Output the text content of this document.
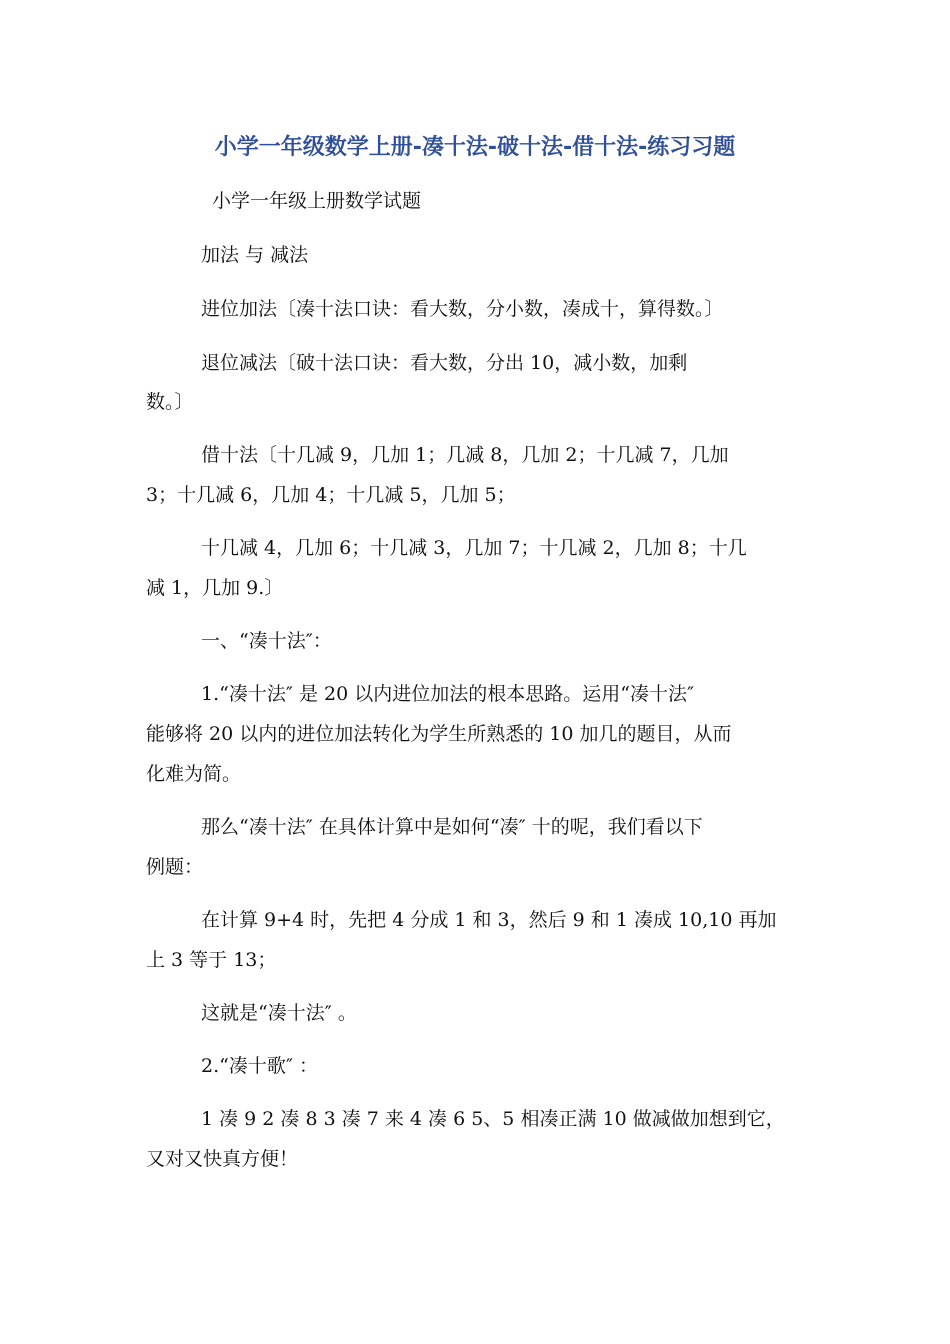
小学一年级数学上册-凑十法-破十法-借十法-练习习题

小学一年级上册数学试题

加法 与 减法

进位加法〔凑十法口诀：看大数，分小数，凑成十，算得数。〕

退位减法〔破十法口诀：看大数，分出 10，减小数，加剩

数。〕

借十法〔十几减 9，几加 1；几减 8，几加 2；十几减 7，几加

3；十几减 6，几加 4；十几减 5，几加 5；

十几减 4，几加 6；十几减 3，几加 7；十几减 2，几加 8；十几

减 1，几加 9.〕

一、“凑十法″：

1.“凑十法″ 是 20 以内进位加法的根本思路。运用“凑十法″

能够将 20 以内的进位加法转化为学生所熟悉的 10 加几的题目，从而

化难为简。

那么“凑十法″ 在具体计算中是如何“凑″ 十的呢，我们看以下

例题：

在计算 9+4 时，先把 4 分成 1 和 3，然后 9 和 1 凑成 10,10 再加

上 3 等于 13；

这就是“凑十法″ 。

2.“凑十歌″ ：

1 凑 9 2 凑 8 3 凑 7 来 4 凑 6 5、5 相凑正满 10 做减做加想到它，

又对又快真方便！
